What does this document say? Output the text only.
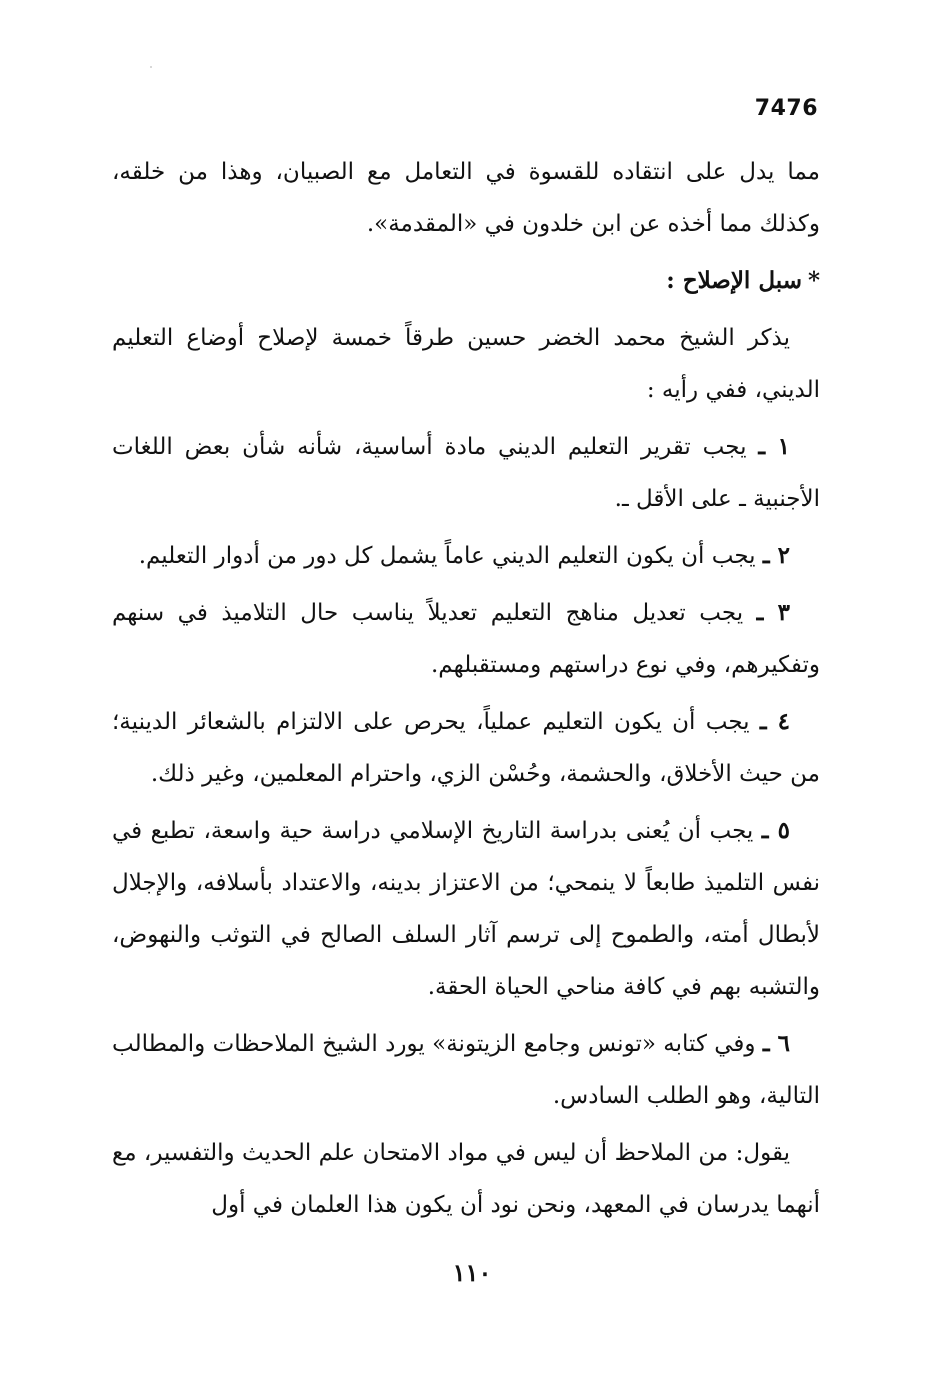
7476

مما يدل على انتقاده للقسوة في التعامل مع الصبيان، وهذا من خلقه، وكذلك مما أخذه عن ابن خلدون في «المقدمة».

*سبل الإصلاح :

يذكر الشيخ محمد الخضر حسين طرقاً خمسة لإصلاح أوضاع التعليم الديني، ففي رأيه :

١ ـ يجب تقرير التعليم الديني مادة أساسية، شأنه شأن بعض اللغات الأجنبية ـ على الأقل ـ.

٢ ـ يجب أن يكون التعليم الديني عاماً يشمل كل دور من أدوار التعليم.

٣ ـ يجب تعديل مناهج التعليم تعديلاً يناسب حال التلاميذ في سنهم وتفكيرهم، وفي نوع دراستهم ومستقبلهم.

٤ ـ يجب أن يكون التعليم عملياً، يحرص على الالتزام بالشعائر الدينية؛ من حيث الأخلاق، والحشمة، وحُسْن الزي، واحترام المعلمين، وغير ذلك.

٥ ـ يجب أن يُعنى بدراسة التاريخ الإسلامي دراسة حية واسعة، تطبع في نفس التلميذ طابعاً لا ينمحي؛ من الاعتزاز بدينه، والاعتداد بأسلافه، والإجلال لأبطال أمته، والطموح إلى ترسم آثار السلف الصالح في التوثب والنهوض، والتشبه بهم في كافة مناحي الحياة الحقة.

٦ ـ وفي كتابه «تونس وجامع الزيتونة» يورد الشيخ الملاحظات والمطالب التالية، وهو الطلب السادس.

يقول: من الملاحظ أن ليس في مواد الامتحان علم الحديث والتفسير، مع أنهما يدرسان في المعهد، ونحن نود أن يكون هذا العلمان في أول

١١٠
